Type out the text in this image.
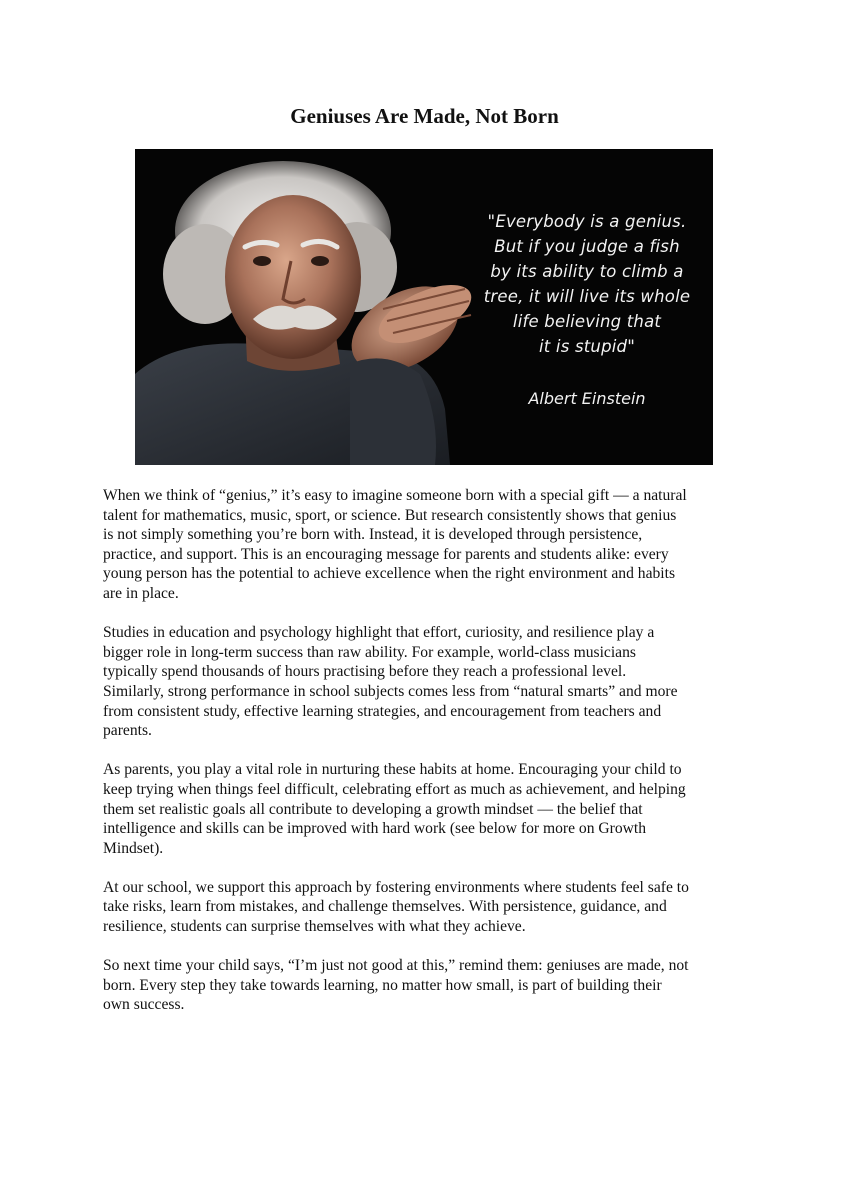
Geniuses Are Made, Not Born
"Everybody is a genius.
But if you judge a fish
by its ability to climb a
tree, it will live its whole
life believing that
it is stupid"
Albert Einstein

When we think of “genius,” it’s easy to imagine someone born with a special gift — a natural
talent for mathematics, music, sport, or science. But research consistently shows that genius
is not simply something you’re born with. Instead, it is developed through persistence,
practice, and support. This is an encouraging message for parents and students alike: every
young person has the potential to achieve excellence when the right environment and habits
are in place.

Studies in education and psychology highlight that effort, curiosity, and resilience play a
bigger role in long-term success than raw ability. For example, world-class musicians
typically spend thousands of hours practising before they reach a professional level.
Similarly, strong performance in school subjects comes less from “natural smarts” and more
from consistent study, effective learning strategies, and encouragement from teachers and
parents.

As parents, you play a vital role in nurturing these habits at home. Encouraging your child to
keep trying when things feel difficult, celebrating effort as much as achievement, and helping
them set realistic goals all contribute to developing a growth mindset — the belief that
intelligence and skills can be improved with hard work (see below for more on Growth
Mindset).

At our school, we support this approach by fostering environments where students feel safe to
take risks, learn from mistakes, and challenge themselves. With persistence, guidance, and
resilience, students can surprise themselves with what they achieve.

So next time your child says, “I’m just not good at this,” remind them: geniuses are made, not
born. Every step they take towards learning, no matter how small, is part of building their
own success.
